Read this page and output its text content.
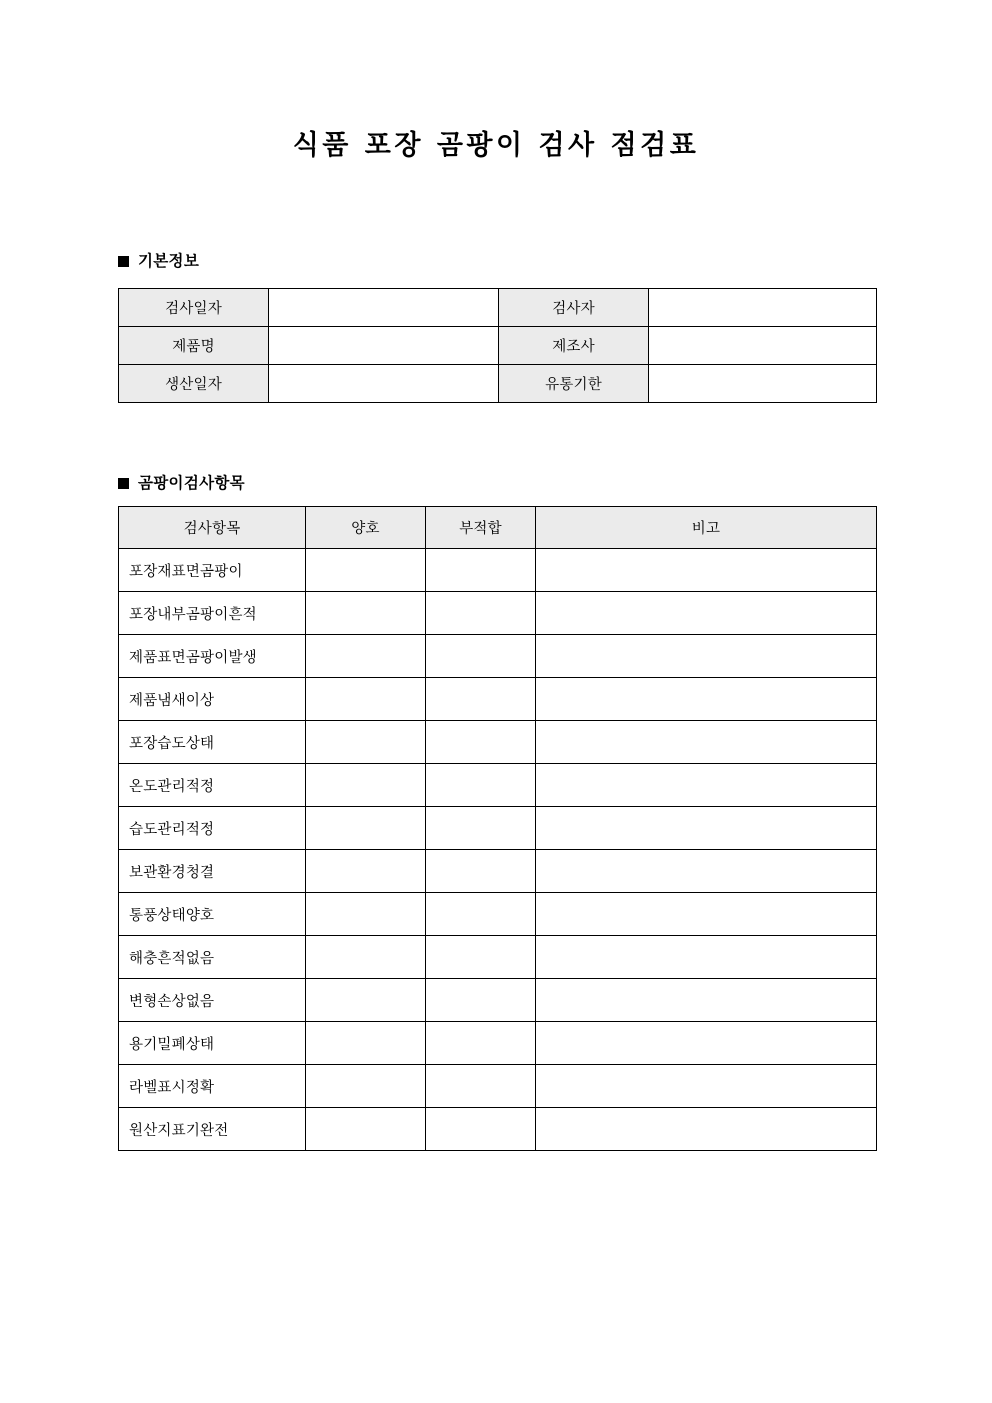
식품 포장 곰팡이 검사 점검표
기본정보
검사일자		검사자	
제품명		제조사	
생산일자		유통기한	
곰팡이검사항목
검사항목	양호	부적합	비고
포장재표면곰팡이			
포장내부곰팡이흔적			
제품표면곰팡이발생			
제품냄새이상			
포장습도상태			
온도관리적정			
습도관리적정			
보관환경청결			
통풍상태양호			
해충흔적없음			
변형손상없음			
용기밀폐상태			
라벨표시정확			
원산지표기완전			
